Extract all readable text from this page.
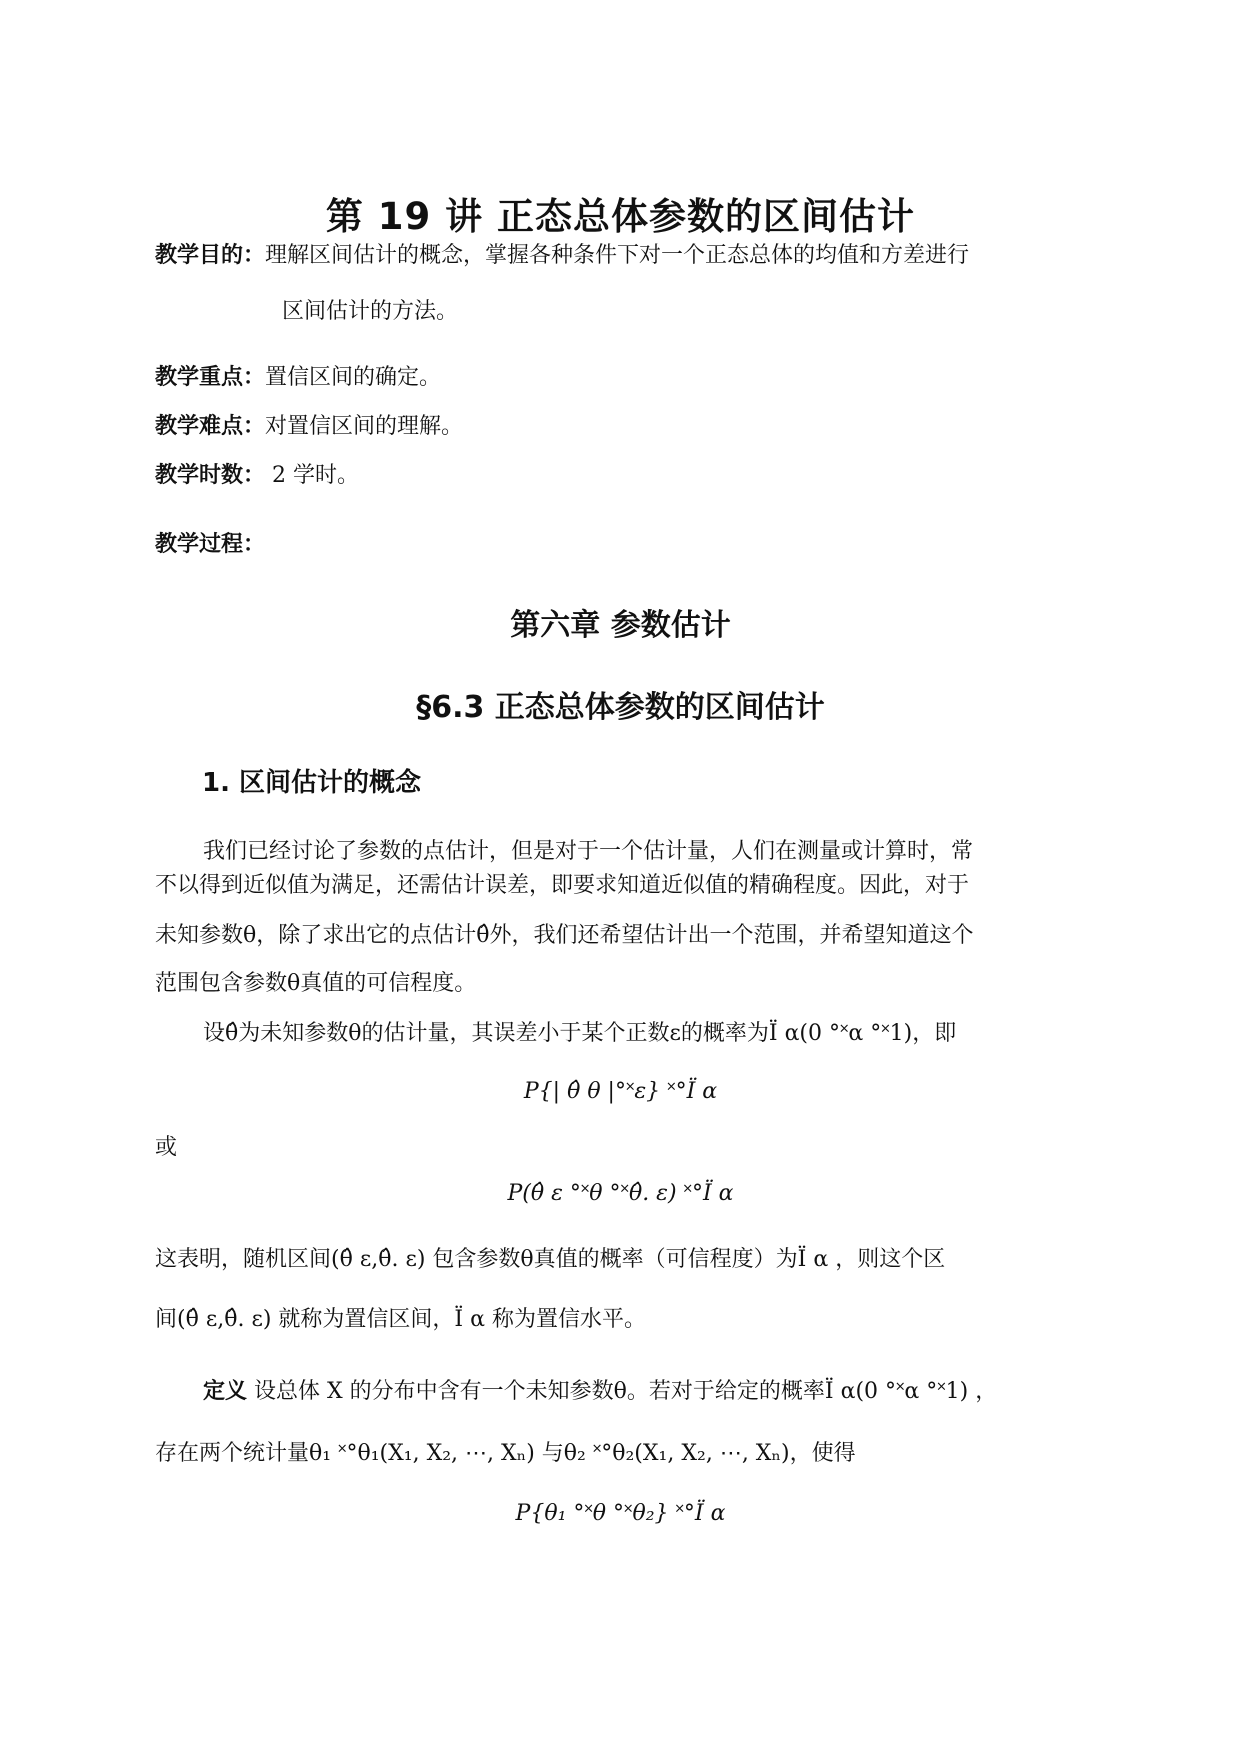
第 19 讲 正态总体参数的区间估计
教学目的：理解区间估计的概念，掌握各种条件下对一个正态总体的均值和方差进行
区间估计的方法。
教学重点：置信区间的确定。
教学难点：对置信区间的理解。
教学时数： 2 学时。
教学过程：
第六章 参数估计
§6.3 正态总体参数的区间估计
1. 区间估计的概念
我们已经讨论了参数的点估计，但是对于一个估计量，人们在测量或计算时，常
不以得到近似值为满足，还需估计误差，即要求知道近似值的精确程度。因此，对于
未知参数θ，除了求出它的点估计θ̂外，我们还希望估计出一个范围，并希望知道这个
范围包含参数θ真值的可信程度。
设θ̂为未知参数θ的估计量，其误差小于某个正数ε的概率为Ï α(0 °˟α °˟1)，即
P{| θ̂ θ |°˟ε} ˟°Ï α
或
P(θ̂ ε °˟θ °˟θ̂. ε) ˟°Ï α
这表明，随机区间(θ̂ ε,θ̂. ε) 包含参数θ真值的概率（可信程度）为Ï α ，则这个区
间(θ̂ ε,θ̂. ε) 就称为置信区间，Ï α 称为置信水平。
定义 设总体 X 的分布中含有一个未知参数θ。若对于给定的概率Ï α(0 °˟α °˟1) ，
存在两个统计量θ₁ ˟°θ₁(X₁, X₂, ⋯, Xₙ) 与θ₂ ˟°θ₂(X₁, X₂, ⋯, Xₙ)，使得
P{θ₁ °˟θ °˟θ₂} ˟°Ï α
